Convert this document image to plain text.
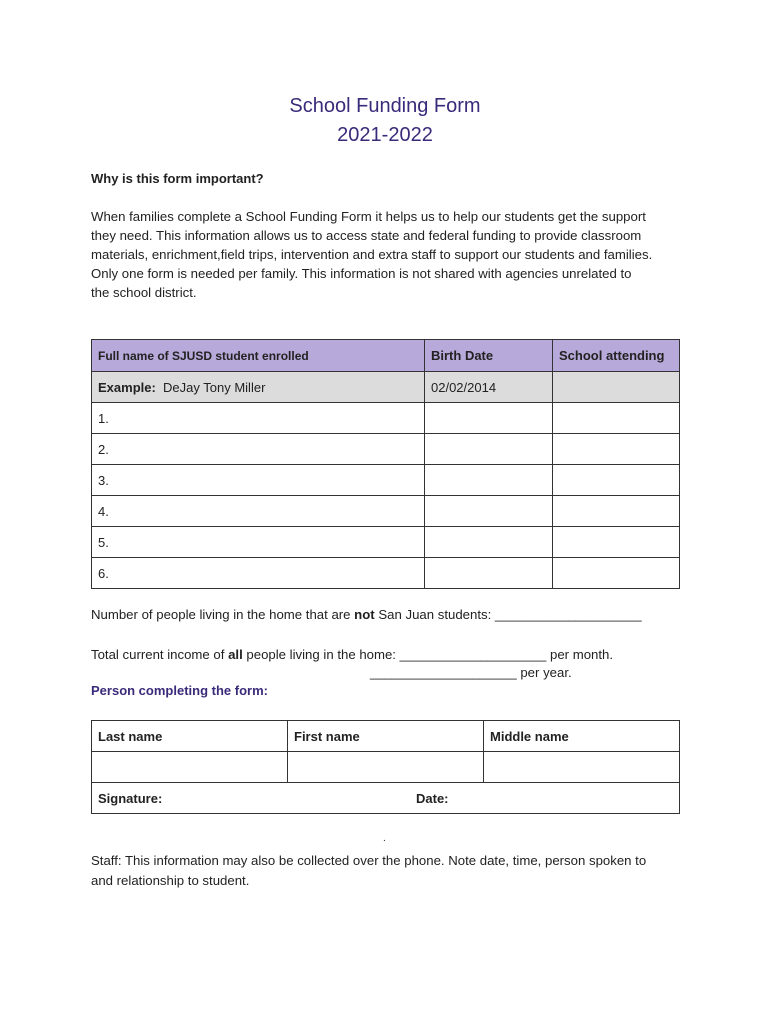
School Funding Form
2021-2022
Why is this form important?
When families complete a School Funding Form it helps us to help our students get the support
they need. This information allows us to access state and federal funding to provide classroom
materials, enrichment,field trips, intervention and extra staff to support our students and families.
Only one form is needed per family. This information is not shared with agencies unrelated to
the school district.
Full name of SJUSD student enrolled	Birth Date	School attending
Example: DeJay Tony Miller	02/02/2014	
1.		
2.		
3.		
4.		
5.		
6.		
Number of people living in the home that are not San Juan students: ____________________
Total current income of all people living in the home: ____________________ per month.
____________________ per year.
Person completing the form:
Last name	First name	Middle name

Signature: Date:		
.
Staff: This information may also be collected over the phone. Note date, time, person spoken to
and relationship to student.
